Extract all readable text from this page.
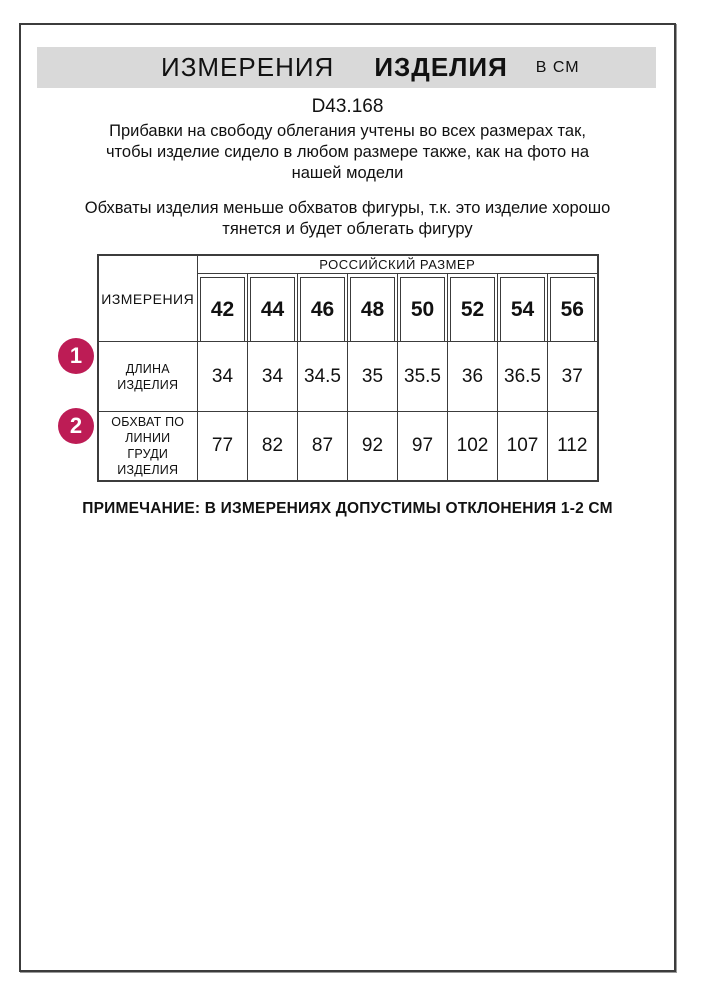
ИЗМЕРЕНИЯ ИЗДЕЛИЯ В СМ
D43.168

Прибавки на свободу облегания учтены во всех размерах так, чтобы изделие сидело в любом размере также, как на фото на нашей модели

Обхваты изделия меньше обхватов фигуры, т.к. это изделие хорошо тянется и будет облегать фигуру

ИЗМЕРЕНИЯ	РОССИЙСКИЙ РАЗМЕР							

42	44	46	48	50	52	54	56

ДЛИНА ИЗДЕЛИЯ	34	34	34.5	35	35.5	36	36.5	37
ОБХВАТ ПО ЛИНИИ ГРУДИ ИЗДЕЛИЯ	77	82	87	92	97	102	107	112
ПРИМЕЧАНИЕ: В ИЗМЕРЕНИЯХ ДОПУСТИМЫ ОТКЛОНЕНИЯ 1-2 СМ
1
2
